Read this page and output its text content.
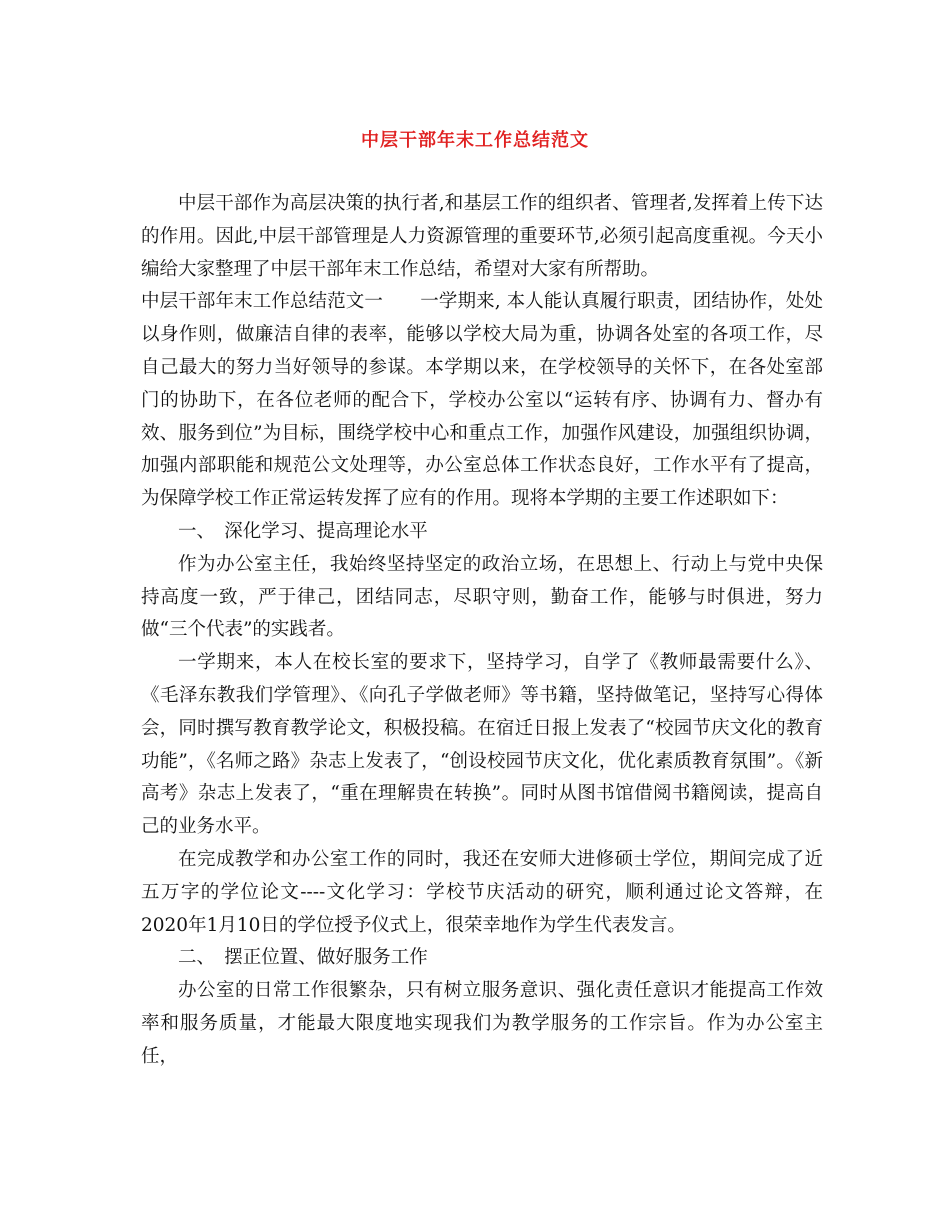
中层干部年末工作总结范文

中层干部作为高层决策的执行者,和基层工作的组织者、管理者,发挥着上传下达的作用。因此,中层干部管理是人力资源管理的重要环节,必须引起高度重视。今天小编给大家整理了中层干部年末工作总结，希望对大家有所帮助。

中层干部年末工作总结范文一　　一学期来, 本人能认真履行职责，团结协作，处处以身作则，做廉洁自律的表率，能够以学校大局为重，协调各处室的各项工作，尽自己最大的努力当好领导的参谋。本学期以来，在学校领导的关怀下，在各处室部门的协助下，在各位老师的配合下，学校办公室以“运转有序、协调有力、督办有效、服务到位”为目标，围绕学校中心和重点工作，加强作风建设，加强组织协调，加强内部职能和规范公文处理等，办公室总体工作状态良好，工作水平有了提高，为保障学校工作正常运转发挥了应有的作用。现将本学期的主要工作述职如下：

一、　深化学习、提高理论水平

作为办公室主任，我始终坚持坚定的政治立场，在思想上、行动上与党中央保持高度一致，严于律己，团结同志，尽职守则，勤奋工作，能够与时俱进，努力做“三个代表”的实践者。

一学期来，本人在校长室的要求下，坚持学习，自学了《教师最需要什么》、《毛泽东教我们学管理》、《向孔子学做老师》等书籍，坚持做笔记，坚持写心得体会，同时撰写教育教学论文，积极投稿。在宿迁日报上发表了“校园节庆文化的教育功能”，《名师之路》杂志上发表了，“创设校园节庆文化，优化素质教育氛围”。《新高考》杂志上发表了，“重在理解贵在转换”。同时从图书馆借阅书籍阅读，提高自己的业务水平。

在完成教学和办公室工作的同时，我还在安师大进修硕士学位，期间完成了近五万字的学位论文----文化学习：学校节庆活动的研究，顺利通过论文答辩，在2020年1月10日的学位授予仪式上，很荣幸地作为学生代表发言。

二、　摆正位置、做好服务工作

办公室的日常工作很繁杂，只有树立服务意识、强化责任意识才能提高工作效率和服务质量，才能最大限度地实现我们为教学服务的工作宗旨。作为办公室主任，
